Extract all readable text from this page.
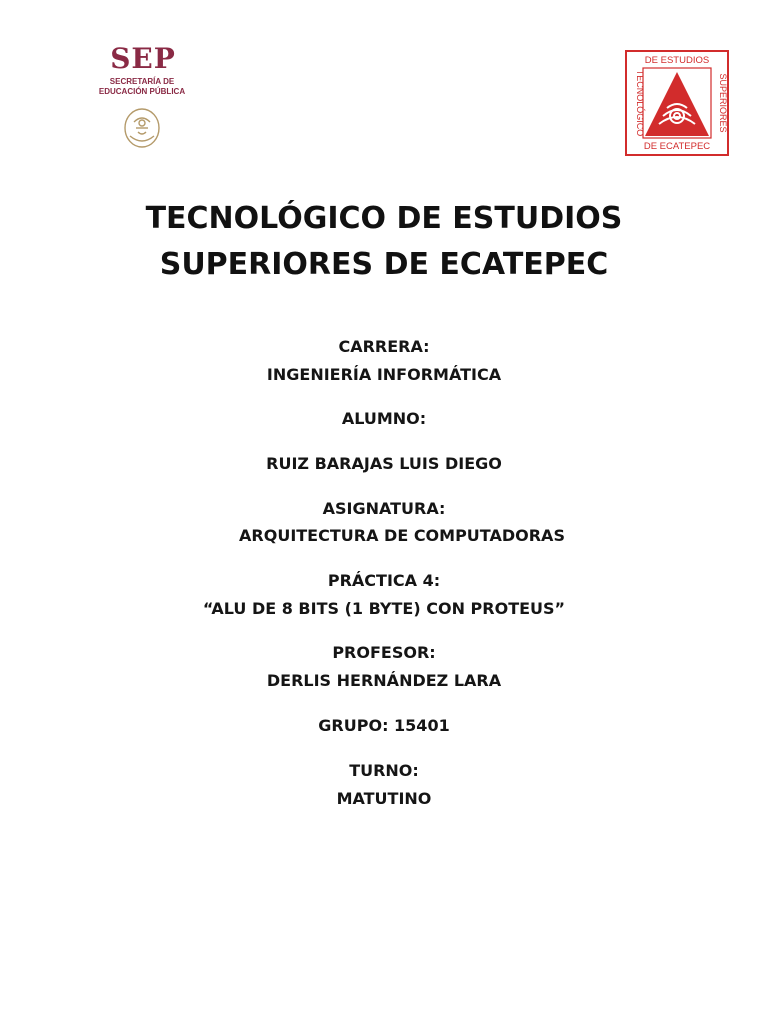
SEP
SECRETARÍA DE
EDUCACIÓN PÚBLICA
DE ESTUDIOS
DE ECATEPEC
TECNOLÓGICO	SUPERIORES
TECNOLÓGICO DE ESTUDIOS
SUPERIORES DE ECATEPEC
CARRERA:
INGENIERÍA INFORMÁTICA
ALUMNO:
RUIZ BARAJAS LUIS DIEGO
ASIGNATURA:
ARQUITECTURA DE COMPUTADORAS
PRÁCTICA 4:
“ALU DE 8 BITS (1 BYTE) CON PROTEUS”
PROFESOR:
DERLIS HERNÁNDEZ LARA
GRUPO: 15401
TURNO:
MATUTINO
